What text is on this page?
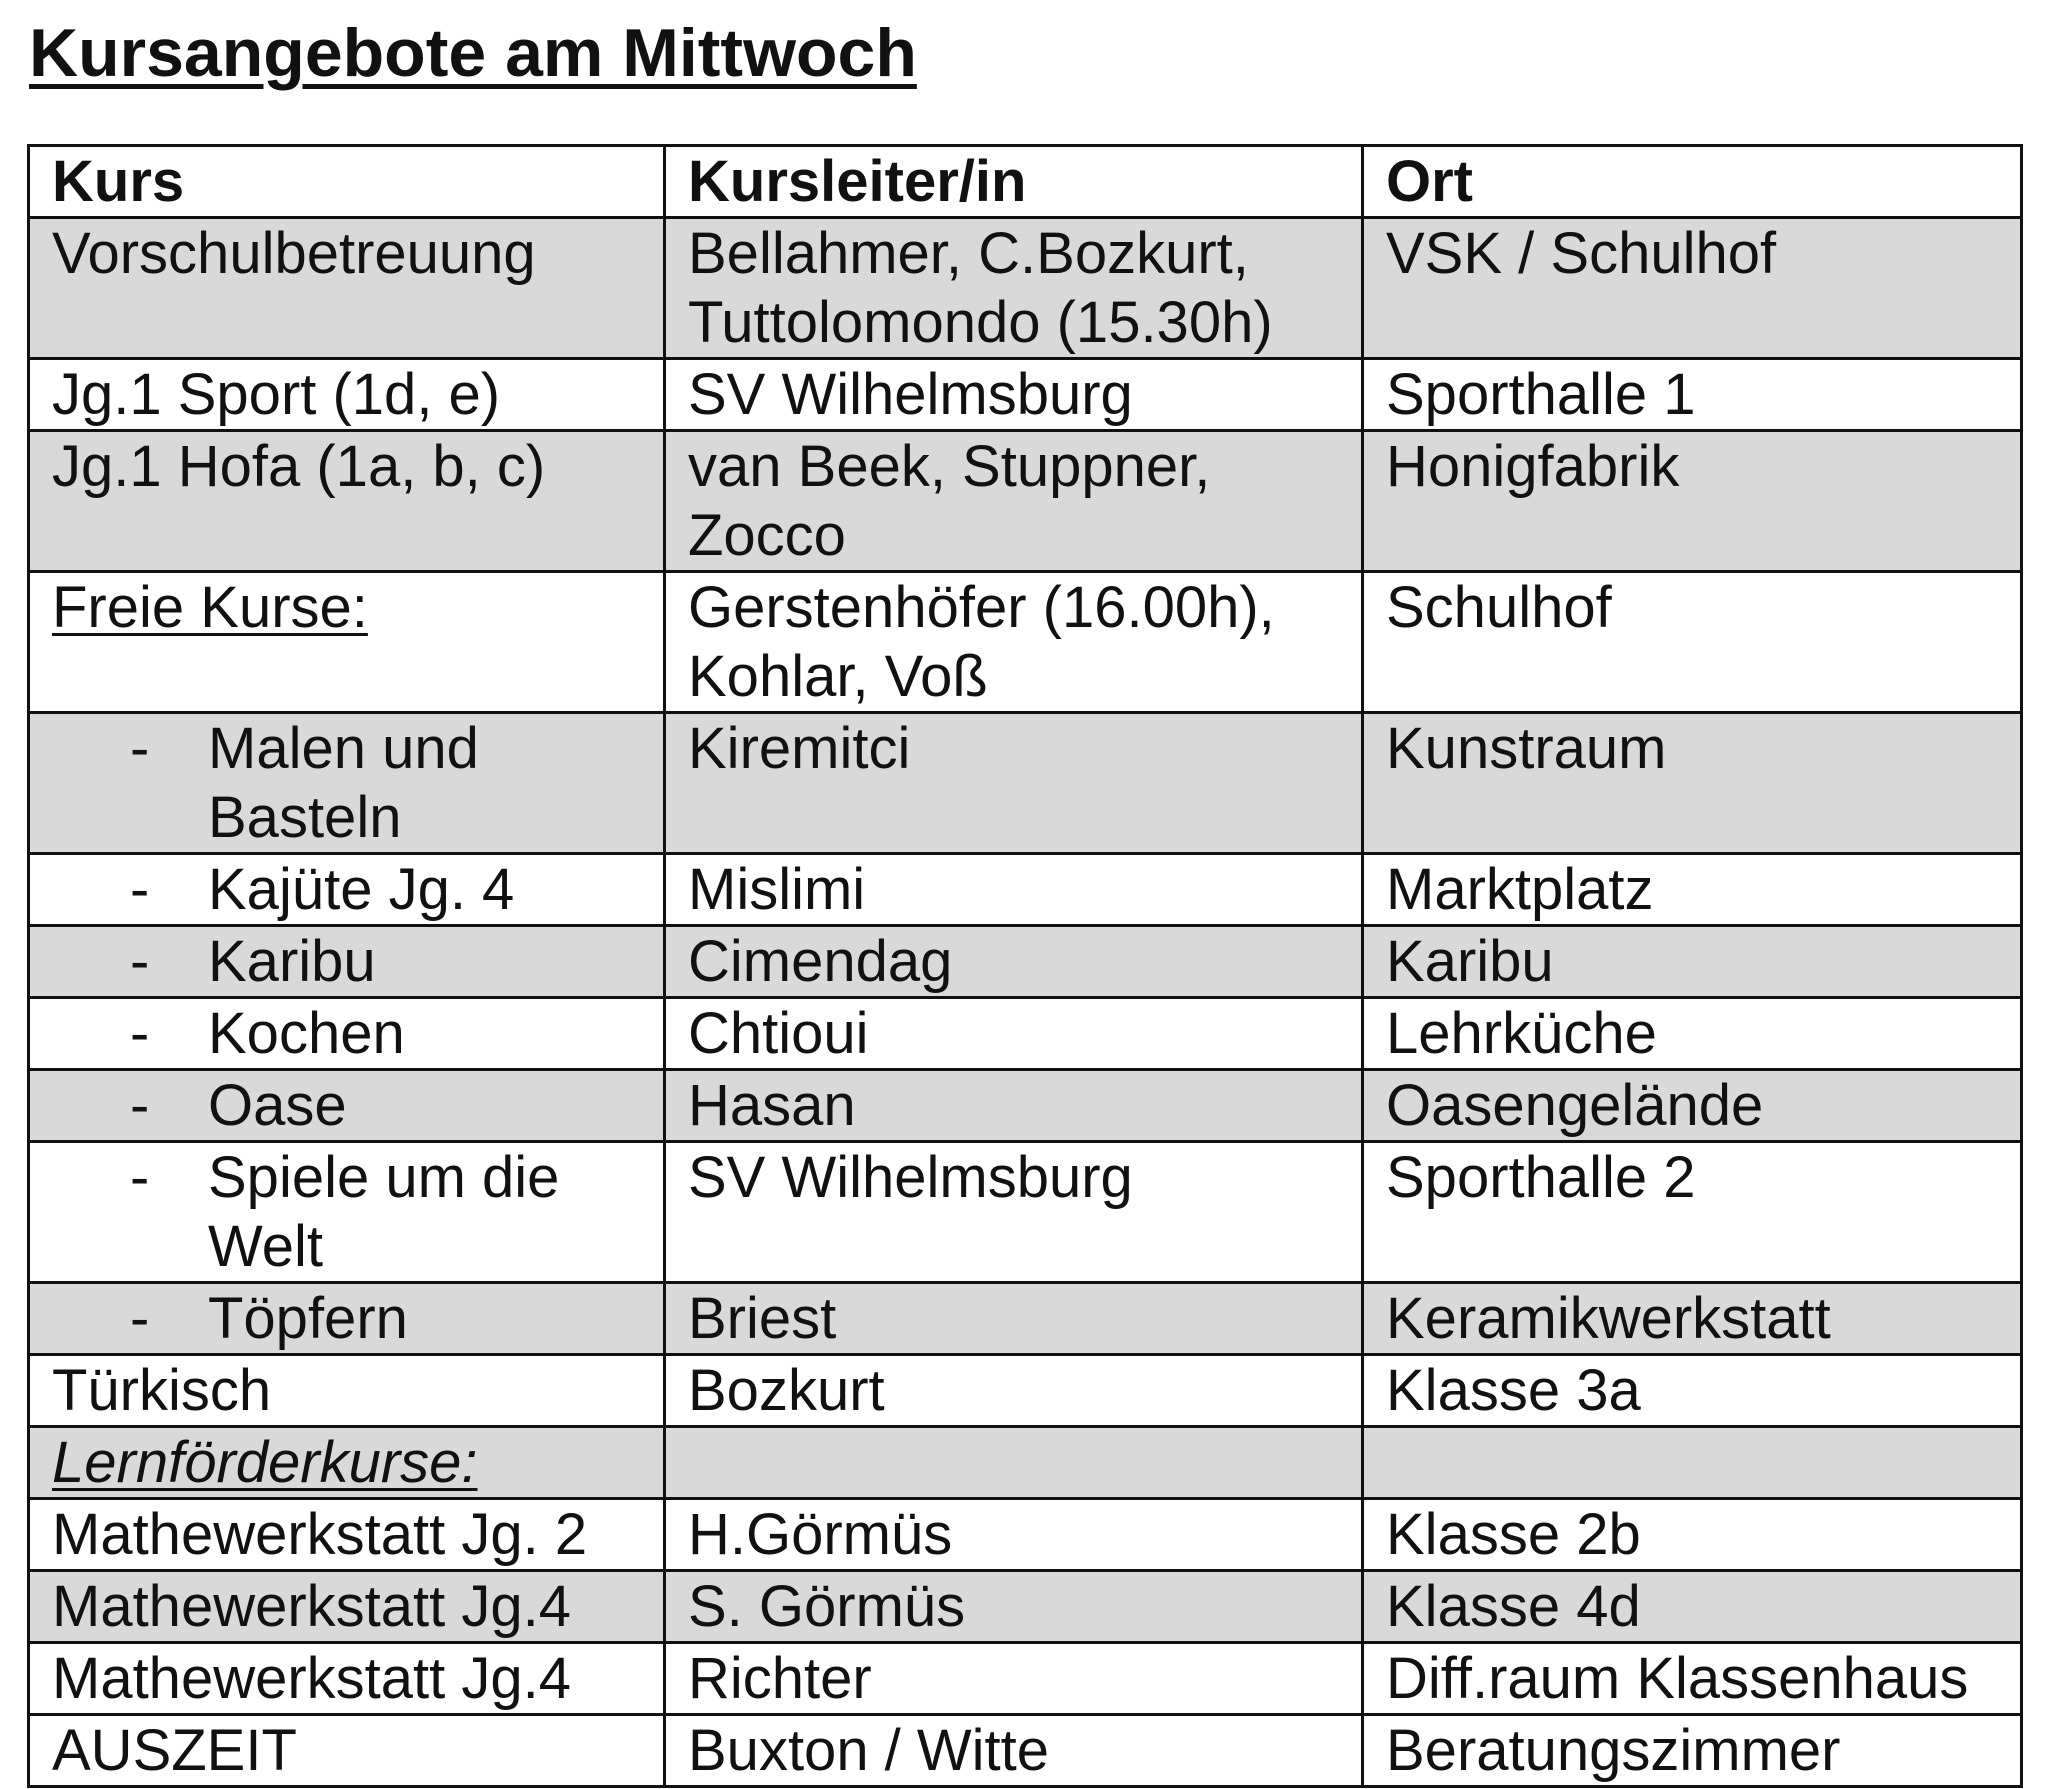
Kursangebote am Mittwoch
Kurs	Kursleiter/in	Ort
Vorschulbetreuung	Bellahmer, C.Bozkurt, Tuttolomondo (15.30h)	VSK / Schulhof
Jg.1 Sport (1d, e)	SV Wilhelmsburg	Sporthalle 1
Jg.1 Hofa (1a, b, c)	van Beek, Stuppner, Zocco	Honigfabrik
Freie Kurse:	Gerstenhöfer (16.00h), Kohlar, Voß	Schulhof

- Malen und Basteln	Kiremitci	Kunstraum

- Kajüte Jg. 4	Mislimi	Marktplatz

- Karibu	Cimendag	Karibu

- Kochen	Chtioui	Lehrküche

- Oase	Hasan	Oasengelände

- Spiele um die Welt	SV Wilhelmsburg	Sporthalle 2

- Töpfern	Briest	Keramikwerkstatt
Türkisch	Bozkurt	Klasse 3a
Lernförderkurse:		
Mathewerkstatt Jg. 2	H.Görmüs	Klasse 2b
Mathewerkstatt Jg.4	S. Görmüs	Klasse 4d
Mathewerkstatt Jg.4	Richter	Diff.raum Klassenhaus
AUSZEIT	Buxton / Witte	Beratungszimmer
